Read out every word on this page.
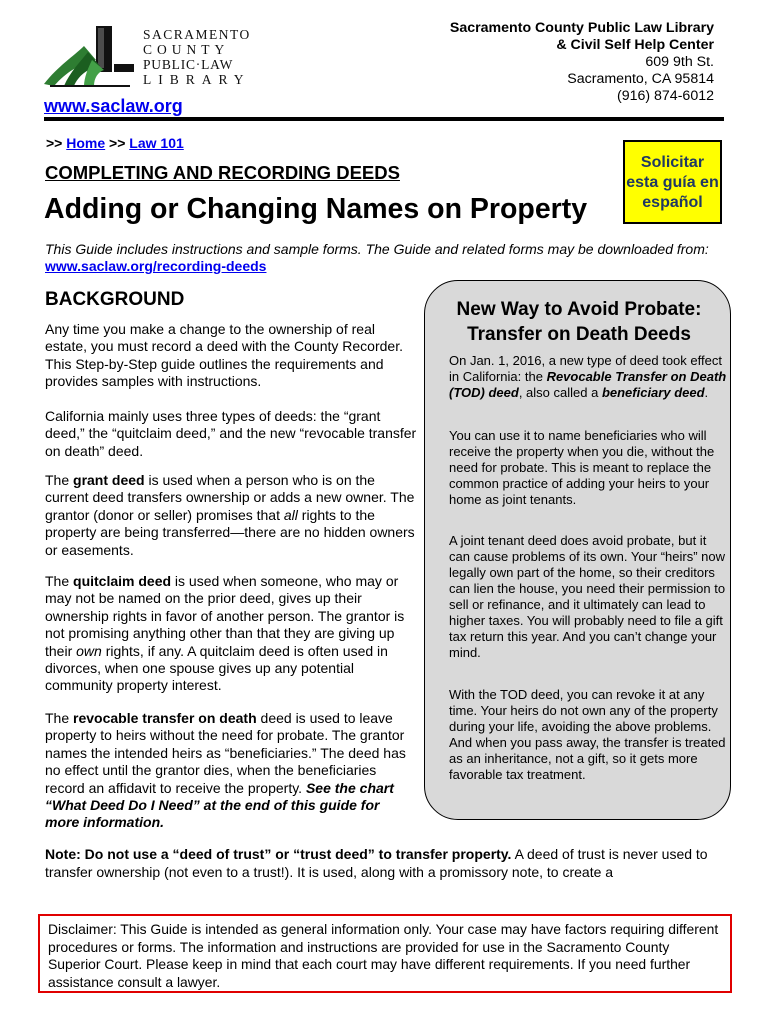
SACRAMENTO
COUNTY
PUBLIC·LAW
LIBRARY
www.saclaw.org
Sacramento County Public Law Library
& Civil Self Help Center
609 9th St.
Sacramento, CA 95814
(916) 874-6012
>> Home >> Law 101
COMPLETING AND RECORDING DEEDS
Adding or Changing Names on Property
Solicitar
esta guía en
español
This Guide includes instructions and sample forms. The Guide and related forms may be downloaded from: www.saclaw.org/recording-deeds
BACKGROUND

Any time you make a change to the ownership of real estate, you must record a deed with the County Recorder. This Step-by-Step guide outlines the requirements and provides samples with instructions.

California mainly uses three types of deeds: the “grant deed,” the “quitclaim deed,” and the new “revocable transfer on death” deed.

The grant deed is used when a person who is on the current deed transfers ownership or adds a new owner. The grantor (donor or seller) promises that all rights to the property are being transferred—there are no hidden owners or easements.

The quitclaim deed is used when someone, who may or may not be named on the prior deed, gives up their ownership rights in favor of another person. The grantor is not promising anything other than that they are giving up their own rights, if any. A quitclaim deed is often used in divorces, when one spouse gives up any potential community property interest.

The revocable transfer on death deed is used to leave property to heirs without the need for probate. The grantor names the intended heirs as “beneficiaries.” The deed has no effect until the grantor dies, when the beneficiaries record an affidavit to receive the property. See the chart “What Deed Do I Need” at the end of this guide for more information.

New Way to Avoid Probate:
Transfer on Death Deeds

On Jan. 1, 2016, a new type of deed took effect in California: the Revocable Transfer on Death (TOD) deed, also called a beneficiary deed.

You can use it to name beneficiaries who will receive the property when you die, without the need for probate. This is meant to replace the common practice of adding your heirs to your home as joint tenants.

A joint tenant deed does avoid probate, but it can cause problems of its own. Your “heirs” now legally own part of the home, so their creditors can lien the house, you need their permission to sell or refinance, and it ultimately can lead to higher taxes. You will probably need to file a gift tax return this year. And you can’t change your mind.

With the TOD deed, you can revoke it at any time. Your heirs do not own any of the property during your life, avoiding the above problems. And when you pass away, the transfer is treated as an inheritance, not a gift, so it gets more favorable tax treatment.

Note: Do not use a “deed of trust” or “trust deed” to transfer property. A deed of trust is never used to transfer ownership (not even to a trust!). It is used, along with a promissory note, to create a

Disclaimer: This Guide is intended as general information only. Your case may have factors requiring different procedures or forms. The information and instructions are provided for use in the Sacramento County Superior Court. Please keep in mind that each court may have different requirements. If you need further assistance consult a lawyer.
